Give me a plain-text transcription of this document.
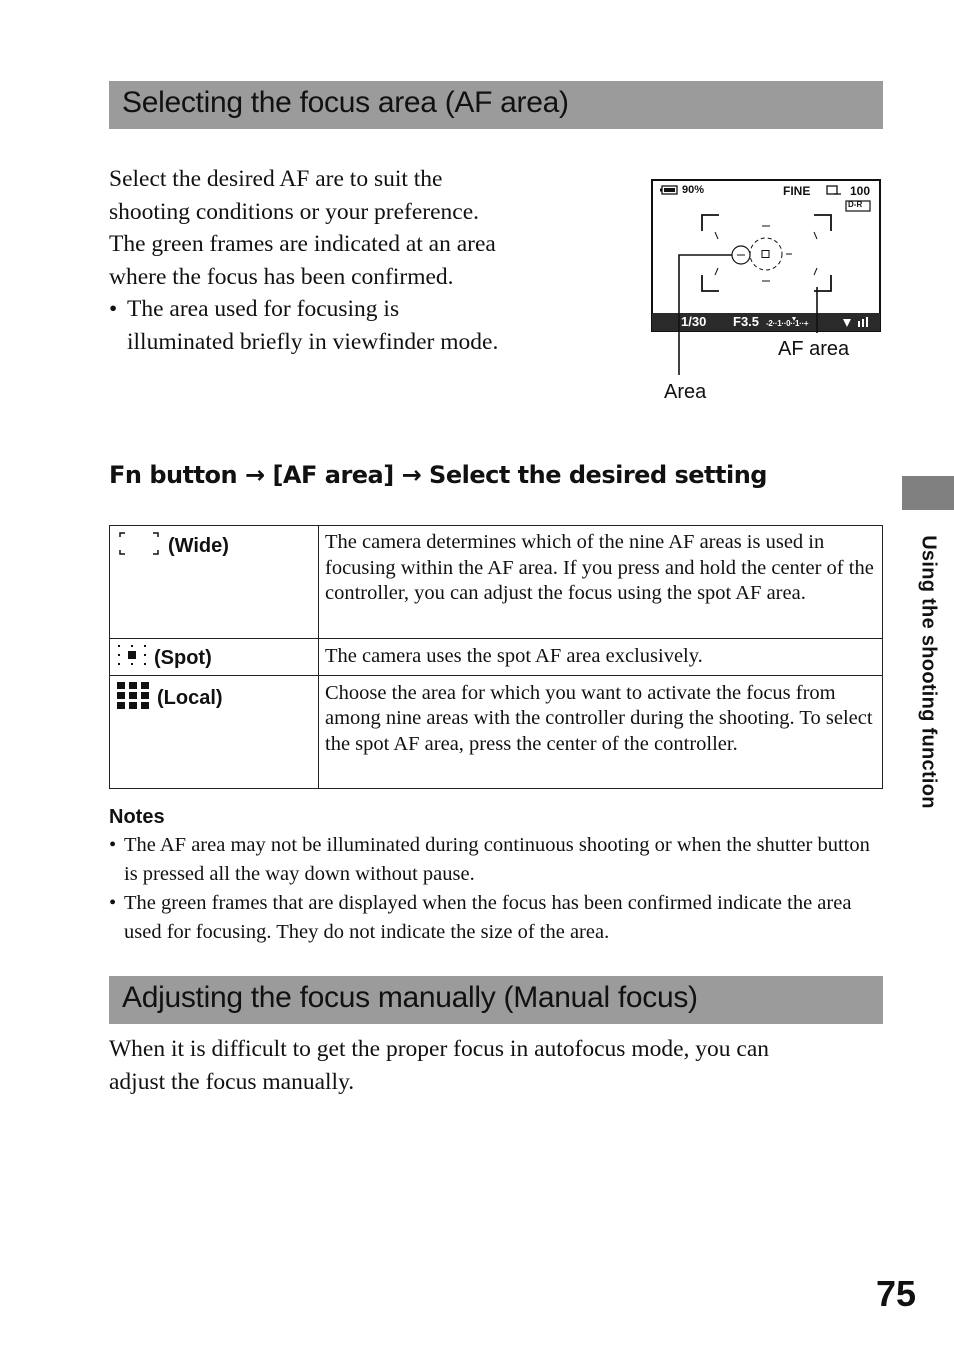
Selecting the focus area (AF area)
Select the desired AF are to suit the
shooting conditions or your preference.
The green frames are indicated at an area
where the focus has been confirmed.
• The area used for focusing is
illuminated briefly in viewfinder mode.
90%	FINE	100
D-R
1/30 F3.5 -2··1··0··1··+
AF area
Area
Fn button → [AF area] → Select the desired setting
(Wide)	The camera determines which of the nine AF areas is used in focusing within the AF area. If you press and hold the center of the controller, you can adjust the focus using the spot AF area.

(Spot)	The camera uses the spot AF area exclusively.

(Local)	Choose the area for which you want to activate the focus from among nine areas with the controller during the shooting. To select the spot AF area, press the center of the controller.
Notes
• The AF area may not be illuminated during continuous shooting or when the shutter button is pressed all the way down without pause.
• The green frames that are displayed when the focus has been confirmed indicate the area used for focusing. They do not indicate the size of the area.
Adjusting the focus manually (Manual focus)
When it is difficult to get the proper focus in autofocus mode, you can
adjust the focus manually.
Using the shooting function
75
